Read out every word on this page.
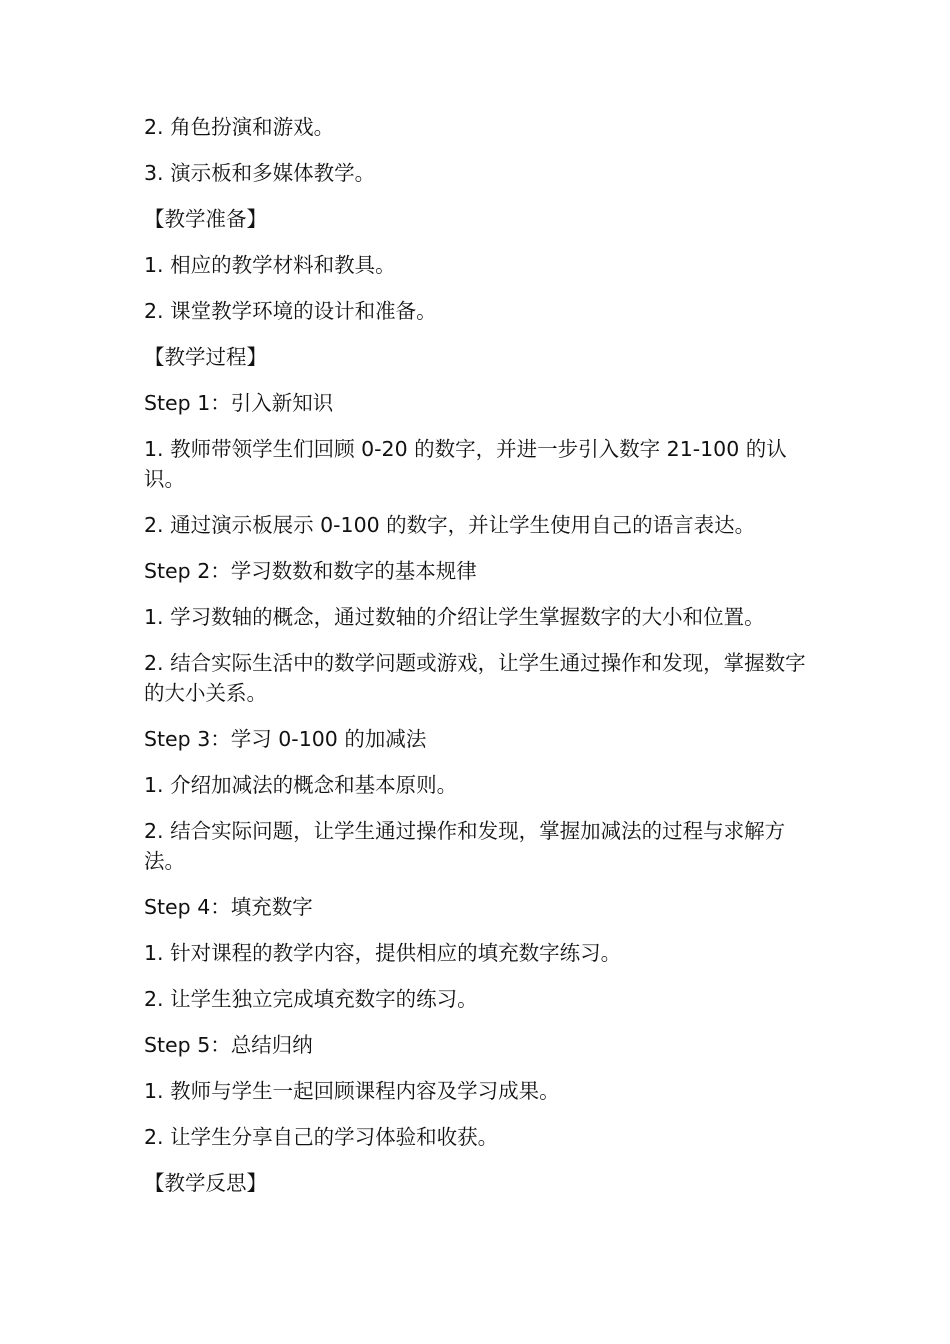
2. 角色扮演和游戏。

3. 演示板和多媒体教学。

【教学准备】

1. 相应的教学材料和教具。

2. 课堂教学环境的设计和准备。

【教学过程】

Step 1：引入新知识

1. 教师带领学生们回顾 0-20 的数字，并进一步引入数字 21-100 的认识。

2. 通过演示板展示 0-100 的数字，并让学生使用自己的语言表达。

Step 2：学习数数和数字的基本规律

1. 学习数轴的概念，通过数轴的介绍让学生掌握数字的大小和位置。

2. 结合实际生活中的数学问题或游戏，让学生通过操作和发现，掌握数字的大小关系。

Step 3：学习 0-100 的加减法

1. 介绍加减法的概念和基本原则。

2. 结合实际问题，让学生通过操作和发现，掌握加减法的过程与求解方法。

Step 4：填充数字

1. 针对课程的教学内容，提供相应的填充数字练习。

2. 让学生独立完成填充数字的练习。

Step 5：总结归纳

1. 教师与学生一起回顾课程内容及学习成果。

2. 让学生分享自己的学习体验和收获。

【教学反思】
